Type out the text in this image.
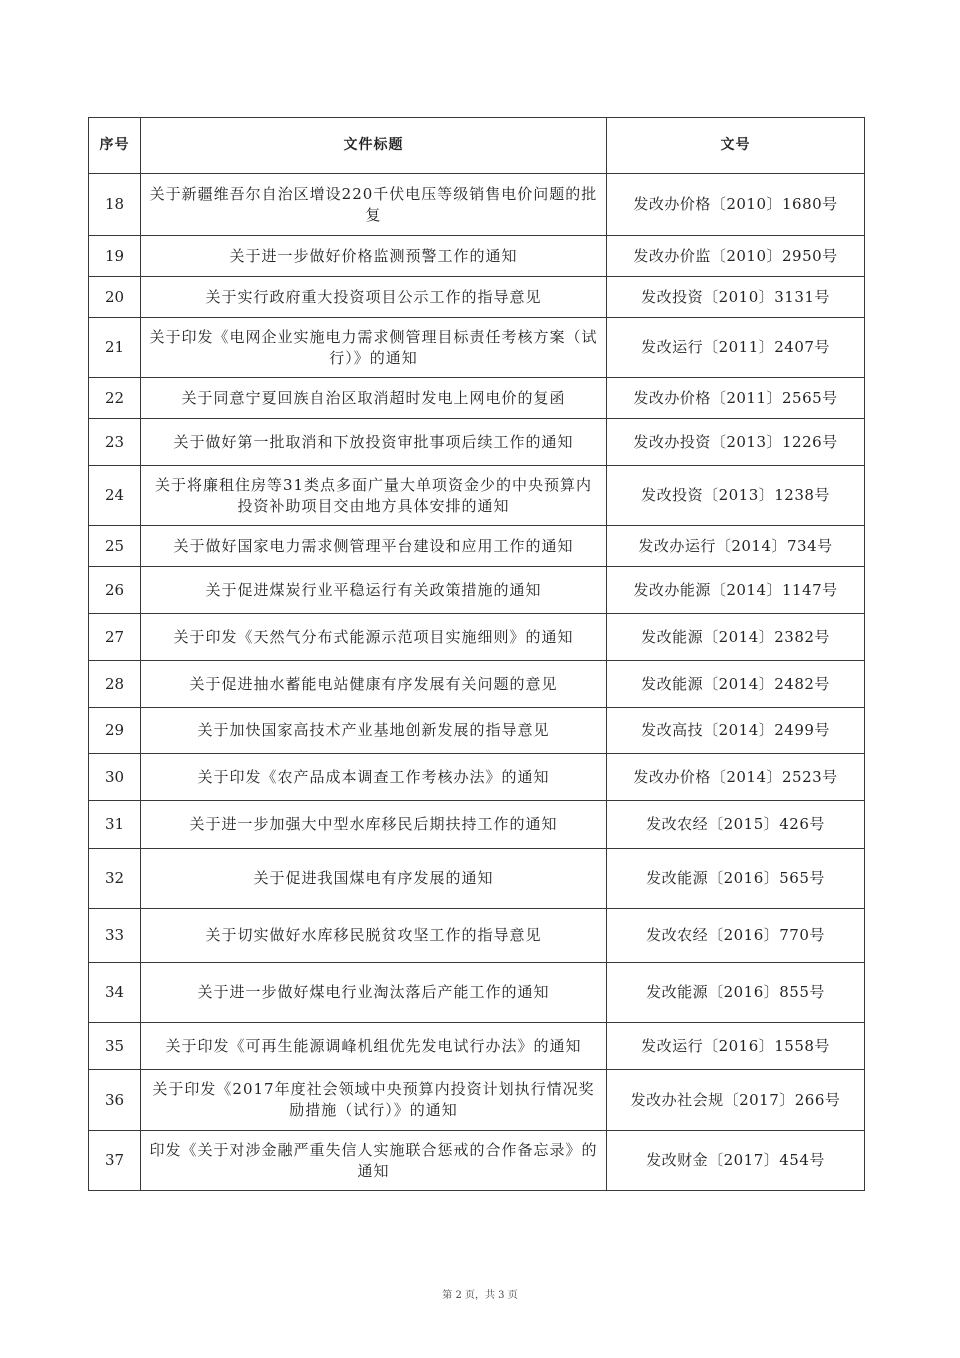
序号	文件标题	文号
18	关于新疆维吾尔自治区增设220千伏电压等级销售电价问题的批复	发改办价格〔2010〕1680号
19	关于进一步做好价格监测预警工作的通知	发改办价监〔2010〕2950号
20	关于实行政府重大投资项目公示工作的指导意见	发改投资〔2010〕3131号
21	关于印发《电网企业实施电力需求侧管理目标责任考核方案（试行）》的通知	发改运行〔2011〕2407号
22	关于同意宁夏回族自治区取消超时发电上网电价的复函	发改办价格〔2011〕2565号
23	关于做好第一批取消和下放投资审批事项后续工作的通知	发改办投资〔2013〕1226号
24	关于将廉租住房等31类点多面广量大单项资金少的中央预算内投资补助项目交由地方具体安排的通知	发改投资〔2013〕1238号
25	关于做好国家电力需求侧管理平台建设和应用工作的通知	发改办运行〔2014〕734号
26	关于促进煤炭行业平稳运行有关政策措施的通知	发改办能源〔2014〕1147号
27	关于印发《天然气分布式能源示范项目实施细则》的通知	发改能源〔2014〕2382号
28	关于促进抽水蓄能电站健康有序发展有关问题的意见	发改能源〔2014〕2482号
29	关于加快国家高技术产业基地创新发展的指导意见	发改高技〔2014〕2499号
30	关于印发《农产品成本调查工作考核办法》的通知	发改办价格〔2014〕2523号
31	关于进一步加强大中型水库移民后期扶持工作的通知	发改农经〔2015〕426号
32	关于促进我国煤电有序发展的通知	发改能源〔2016〕565号
33	关于切实做好水库移民脱贫攻坚工作的指导意见	发改农经〔2016〕770号
34	关于进一步做好煤电行业淘汰落后产能工作的通知	发改能源〔2016〕855号
35	关于印发《可再生能源调峰机组优先发电试行办法》的通知	发改运行〔2016〕1558号
36	关于印发《2017年度社会领域中央预算内投资计划执行情况奖励措施（试行）》的通知	发改办社会规〔2017〕266号
37	印发《关于对涉金融严重失信人实施联合惩戒的合作备忘录》的通知	发改财金〔2017〕454号
第 2 页，共 3 页
